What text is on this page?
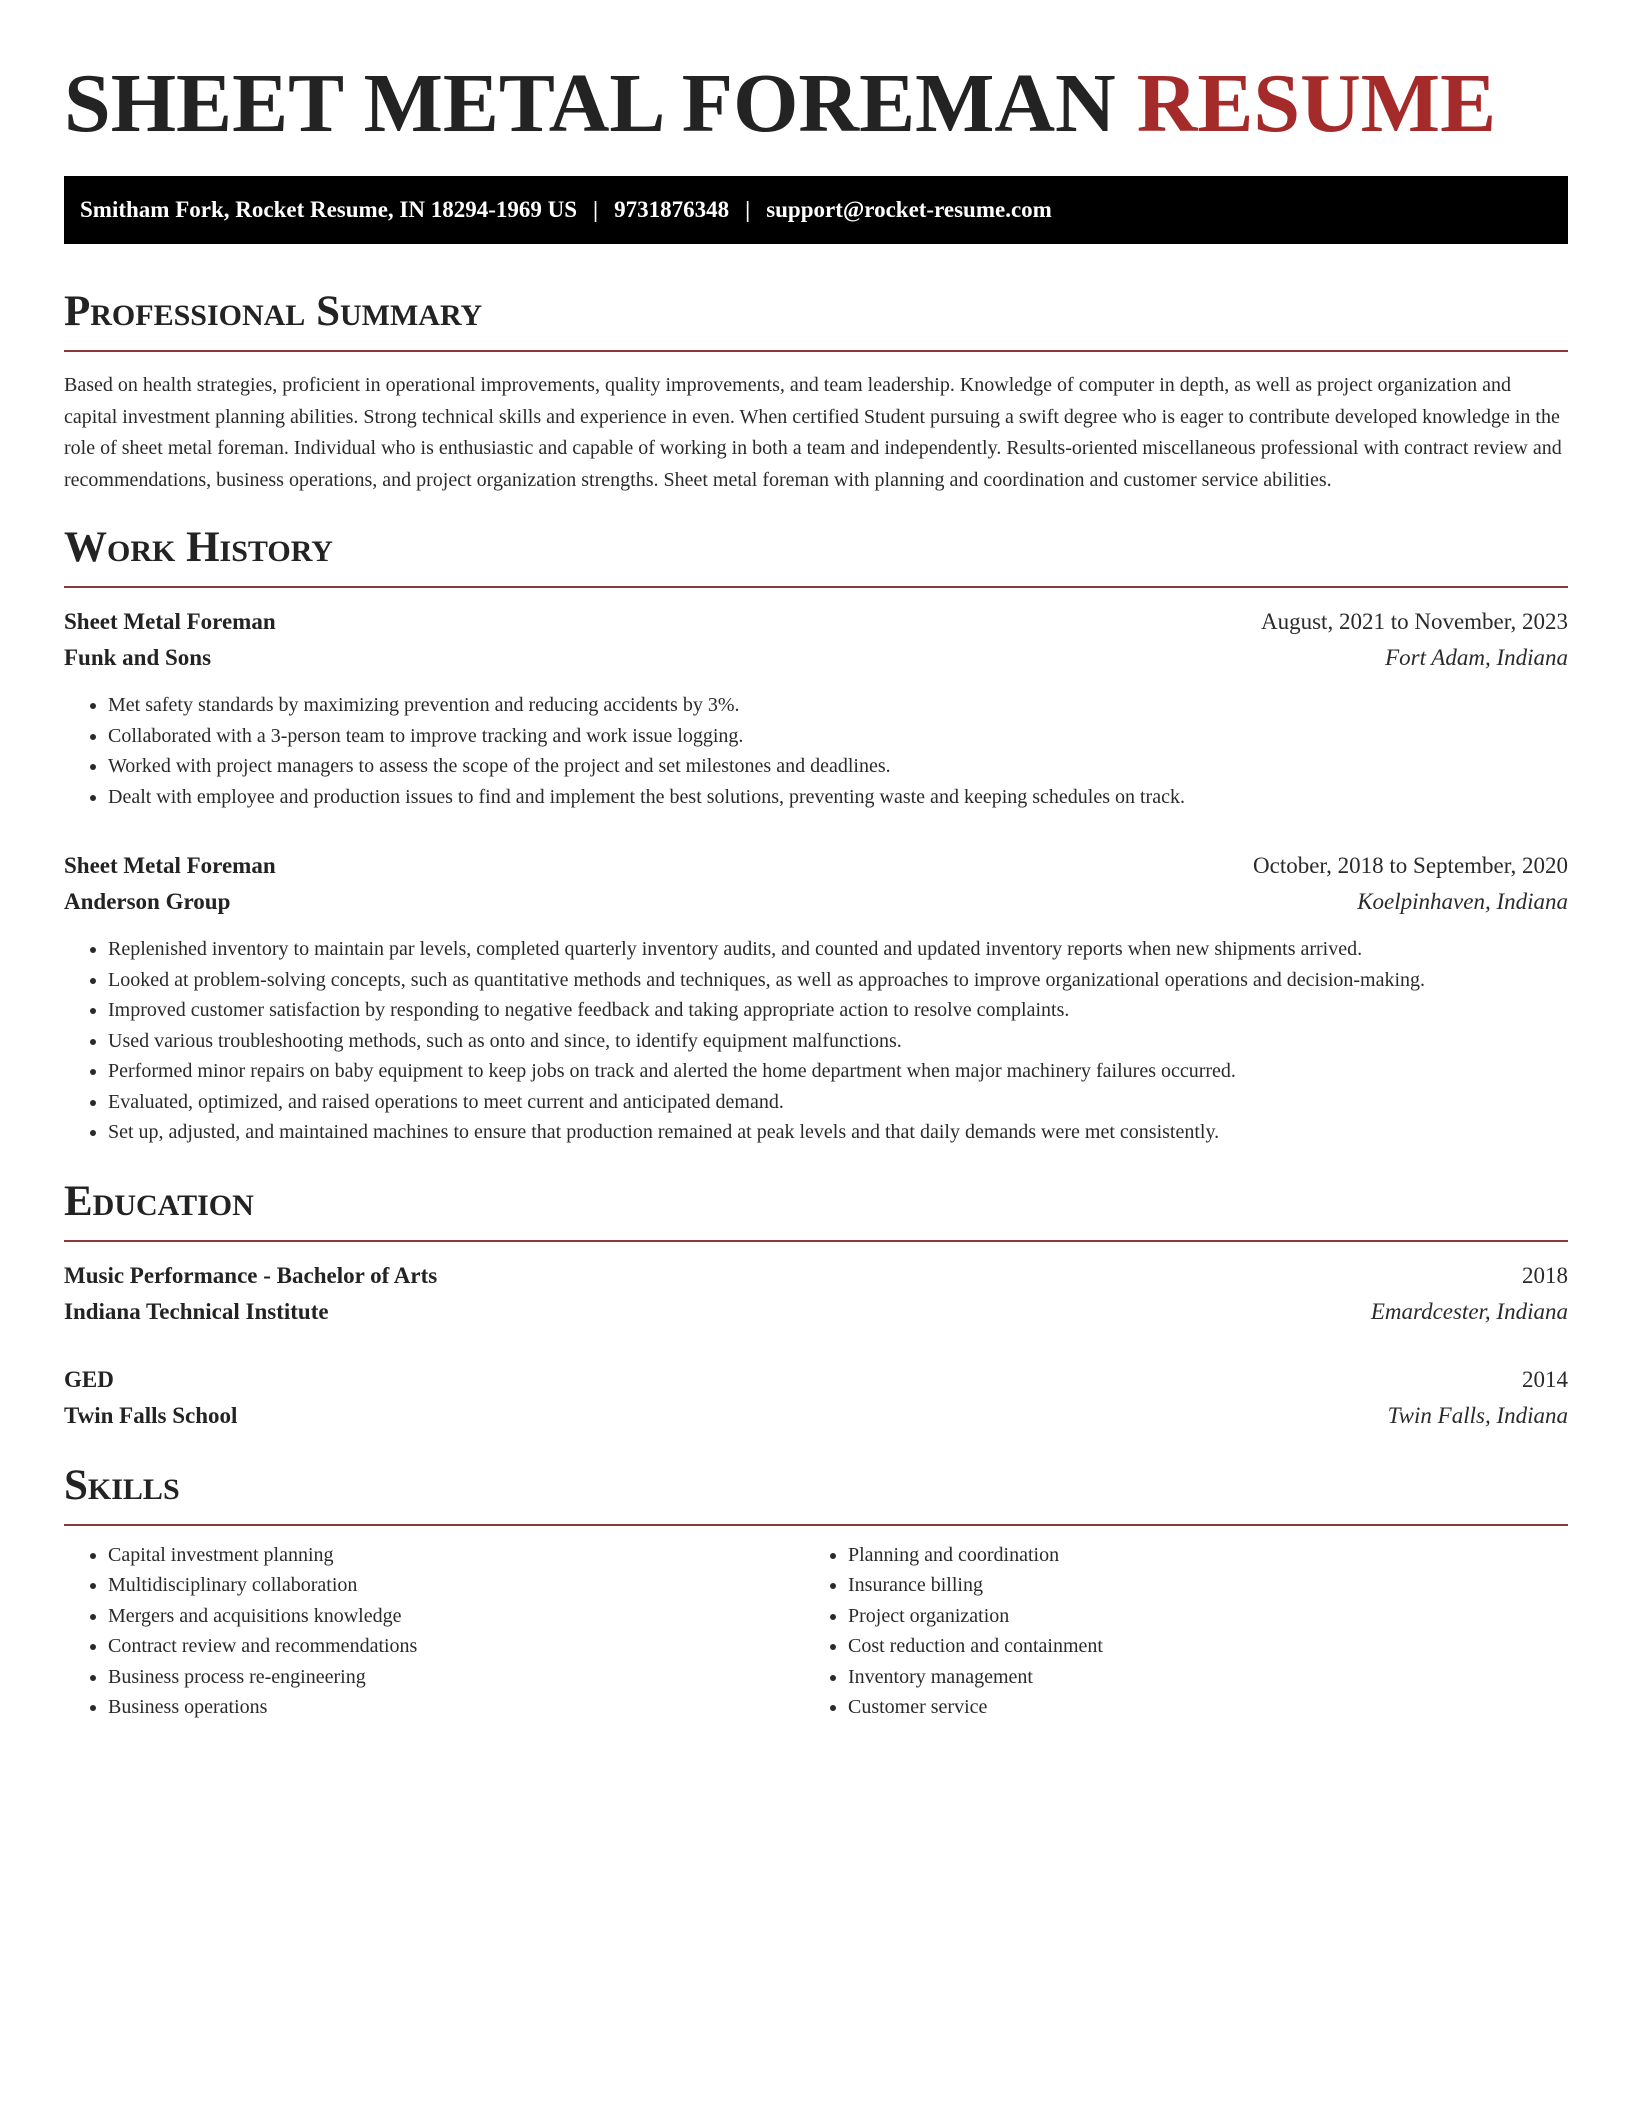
SHEET METAL FOREMAN RESUME
Smitham Fork, Rocket Resume, IN 18294-1969 US | 9731876348 | support@rocket-resume.com
Professional Summary

Based on health strategies, proficient in operational improvements, quality improvements, and team leadership. Knowledge of computer in depth, as well as project organization and capital investment planning abilities. Strong technical skills and experience in even. When certified Student pursuing a swift degree who is eager to contribute developed knowledge in the role of sheet metal foreman. Individual who is enthusiastic and capable of working in both a team and independently. Results-oriented miscellaneous professional with contract review and recommendations, business operations, and project organization strengths. Sheet metal foreman with planning and coordination and customer service abilities.

Work History
Sheet Metal Foreman	August, 2021 to November, 2023
Funk and Sons	Fort Adam, Indiana
• Met safety standards by maximizing prevention and reducing accidents by 3%.
• Collaborated with a 3-person team to improve tracking and work issue logging.
• Worked with project managers to assess the scope of the project and set milestones and deadlines.
• Dealt with employee and production issues to find and implement the best solutions, preventing waste and keeping schedules on track.
Sheet Metal Foreman	October, 2018 to September, 2020
Anderson Group	Koelpinhaven, Indiana
• Replenished inventory to maintain par levels, completed quarterly inventory audits, and counted and updated inventory reports when new shipments arrived.
• Looked at problem-solving concepts, such as quantitative methods and techniques, as well as approaches to improve organizational operations and decision-making.
• Improved customer satisfaction by responding to negative feedback and taking appropriate action to resolve complaints.
• Used various troubleshooting methods, such as onto and since, to identify equipment malfunctions.
• Performed minor repairs on baby equipment to keep jobs on track and alerted the home department when major machinery failures occurred.
• Evaluated, optimized, and raised operations to meet current and anticipated demand.
• Set up, adjusted, and maintained machines to ensure that production remained at peak levels and that daily demands were met consistently.
Education
Music Performance - Bachelor of Arts	2018
Indiana Technical Institute	Emardcester, Indiana
GED	2014
Twin Falls School	Twin Falls, Indiana
Skills
• Capital investment planning
• Multidisciplinary collaboration
• Mergers and acquisitions knowledge
• Contract review and recommendations
• Business process re-engineering
• Business operations
• Planning and coordination
• Insurance billing
• Project organization
• Cost reduction and containment
• Inventory management
• Customer service
